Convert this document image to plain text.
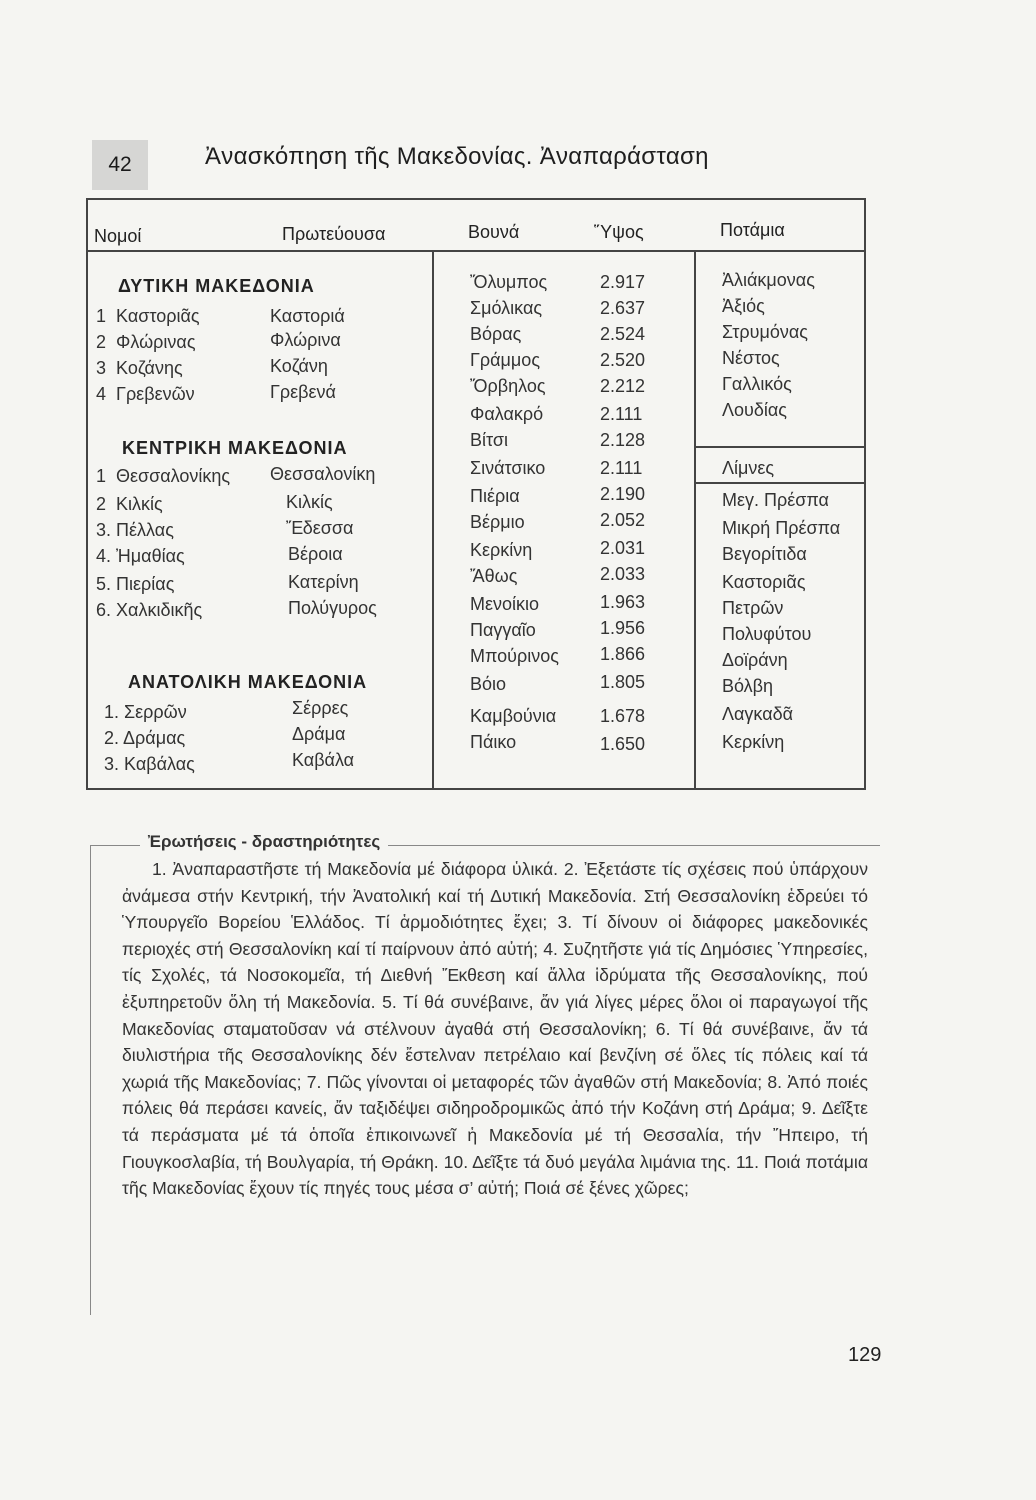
42	Ἀνασκόπηση τῆς Μακεδονίας. Ἀναπαράσταση
Νομοί	Πρωτεύουσα	Βουνά	Ὕψος	Ποτάμια
ΔΥΤΙΚΗ ΜΑΚΕΔΟΝΙΑ
1 Καστοριᾶς	Καστοριά
2 Φλώρινας	Φλώρινα
3 Κοζάνης	Κοζάνη
4 Γρεβενῶν	Γρεβενά
ΚΕΝΤΡΙΚΗ ΜΑΚΕΔΟΝΙΑ
1 Θεσσαλονίκης Θεσσαλονίκη
2 Κιλκίς	Κιλκίς
3. Πέλλας	Ἔδεσσα
4. Ἠμαθίας	Βέροια
5. Πιερίας	Κατερίνη
6. Χαλκιδικῆς	Πολύγυρος
ΑΝΑΤΟΛΙΚΗ ΜΑΚΕΔΟΝΙΑ
1. Σερρῶν	Σέρρες
2. Δράμας	Δράμα
3. Καβάλας	Καβάλα
Ὄλυμπος	2.917
Σμόλικας	2.637
Βόρας	2.524
Γράμμος	2.520
Ὄρβηλος	2.212
Φαλακρό	2.111
Βίτσι	2.128
Σινάτσικο	2.111
Πιέρια	2.190
Βέρμιο	2.052
Κερκίνη	2.031
Ἄθως	2.033
Μενοίκιο	1.963
Παγγαῖο	1.956
Μπούρινος 1.866
Βόιο	1.805
Καμβούνια 1.678
Πάικο	1.650
Ἀλιάκμονας
Ἀξιός
Στρυμόνας
Νέστος
Γαλλικός
Λουδίας
Λίμνες
Μεγ. Πρέσπα
Μικρή Πρέσπα
Βεγορίτιδα
Καστοριᾶς
Πετρῶν
Πολυφύτου
Δοϊράνη
Βόλβη
Λαγκαδᾶ
Κερκίνη
Ἐρωτήσεις - δραστηριότητες
1. Ἀναπαραστῆστε τή Μακεδονία μέ διάφορα ὑλικά. 2. Ἐξετάστε τίς σχέσεις πού ὑπάρχουν ἀνάμεσα στήν Κεντρική, τήν Ἀνατολική καί τή Δυτική Μακεδονία. Στή Θεσσαλονίκη ἑδρεύει τό Ὑπουργεῖο Βορείου Ἑλλάδος. Τί ἁρμοδιότητες ἔχει; 3. Τί δίνουν οἱ διάφορες μακεδονικές περιοχές στή Θεσσαλονίκη καί τί παίρνουν ἀπό αὐτή; 4. Συζητῆστε γιά τίς Δημόσιες Ὑπηρεσίες, τίς Σχολές, τά Νοσοκομεῖα, τή Διεθνή Ἔκθεση καί ἄλλα ἱδρύματα τῆς Θεσσαλονίκης, πού ἐξυπηρετοῦν ὅλη τή Μακεδονία. 5. Τί θά συνέβαινε, ἄν γιά λίγες μέρες ὅλοι οἱ παραγωγοί τῆς Μακεδονίας σταματοῦσαν νά στέλνουν ἀγαθά στή Θεσσαλονίκη; 6. Τί θά συνέβαινε, ἄν τά διυλιστήρια τῆς Θεσσαλονίκης δέν ἔστελναν πετρέλαιο καί βενζίνη σέ ὅλες τίς πόλεις καί τά χωριά τῆς Μακεδονίας; 7. Πῶς γίνονται οἱ μεταφορές τῶν ἀγαθῶν στή Μακεδονία; 8. Ἀπό ποιές πόλεις θά περάσει κανείς, ἄν ταξιδέψει σιδηροδρομικῶς ἀπό τήν Κοζάνη στή Δράμα; 9. Δεῖξτε τά περάσματα μέ τά ὁποῖα ἐπικοινωνεῖ ἡ Μακεδονία μέ τή Θεσσαλία, τήν Ἤπειρο, τή Γιουγκοσλαβία, τή Βουλγαρία, τή Θράκη. 10. Δεῖξτε τά δυό μεγάλα λιμάνια της. 11. Ποιά ποτάμια τῆς Μακεδονίας ἔχουν τίς πηγές τους μέσα σ’ αὐτή; Ποιά σέ ξένες χῶρες;
129
